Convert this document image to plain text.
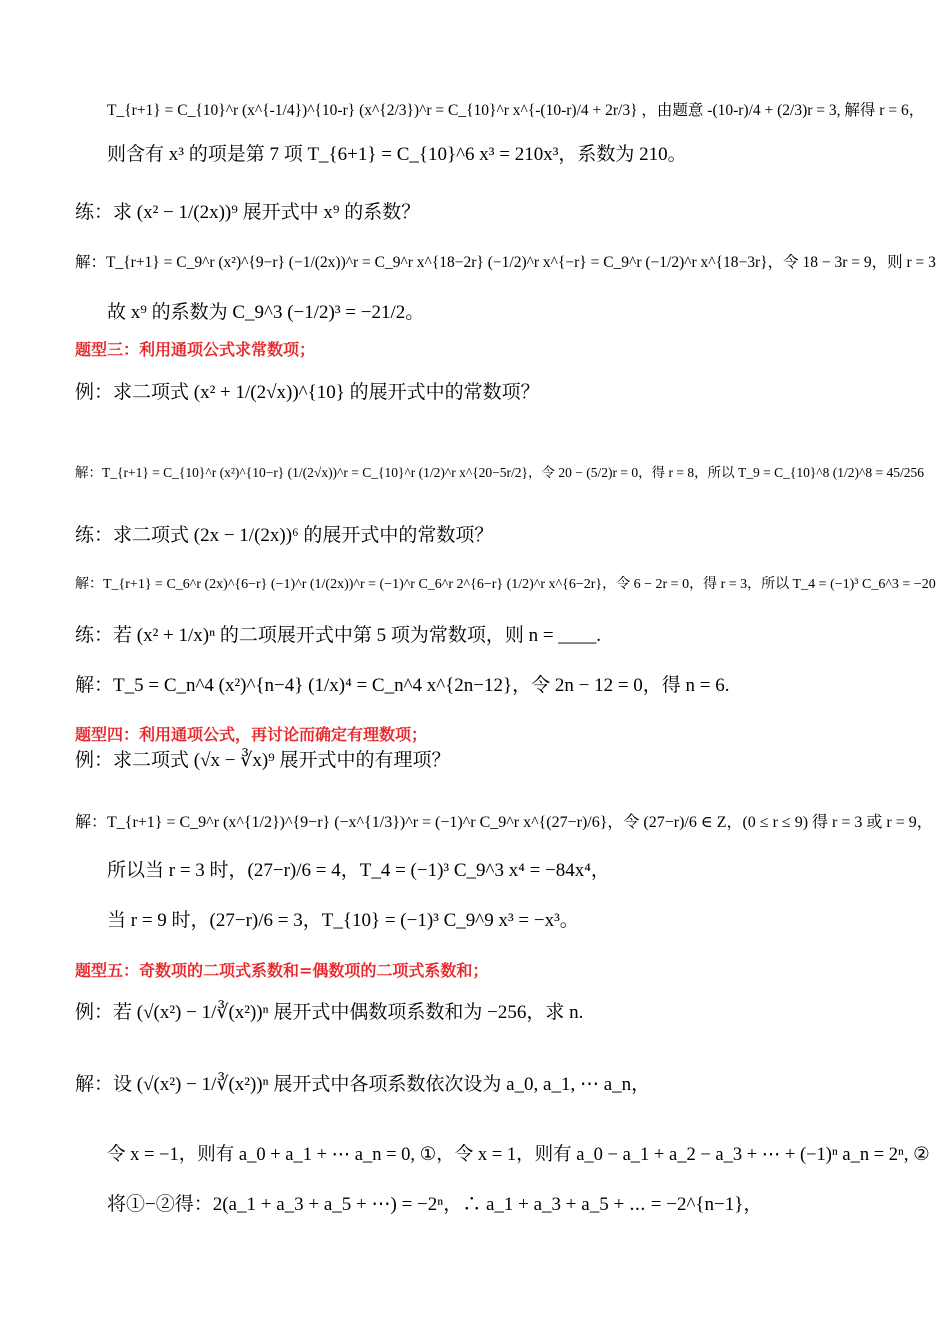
T_{r+1} = C_{10}^r (x^{-1/4})^{10-r} (x^{2/3})^r = C_{10}^r x^{-(10-r)/4 + 2r/3} ，由题意 -(10-r)/4 + (2/3)r = 3, 解得 r = 6，
则含有 x³ 的项是第 7 项 T_{6+1} = C_{10}^6 x³ = 210x³，系数为 210。
练：求 (x² − 1/(2x))⁹ 展开式中 x⁹ 的系数？
解：T_{r+1} = C_9^r (x²)^{9−r} (−1/(2x))^r = C_9^r x^{18−2r} (−1/2)^r x^{−r} = C_9^r (−1/2)^r x^{18−3r}，令 18 − 3r = 9，则 r = 3
故 x⁹ 的系数为 C_9^3 (−1/2)³ = −21/2。
题型三：利用通项公式求常数项；
例：求二项式 (x² + 1/(2√x))^{10} 的展开式中的常数项？
解：T_{r+1} = C_{10}^r (x²)^{10−r} (1/(2√x))^r = C_{10}^r (1/2)^r x^{20−5r/2}，令 20 − (5/2)r = 0，得 r = 8，所以 T_9 = C_{10}^8 (1/2)^8 = 45/256
练：求二项式 (2x − 1/(2x))⁶ 的展开式中的常数项？
解：T_{r+1} = C_6^r (2x)^{6−r} (−1)^r (1/(2x))^r = (−1)^r C_6^r 2^{6−r} (1/2)^r x^{6−2r}，令 6 − 2r = 0，得 r = 3，所以 T_4 = (−1)³ C_6^3 = −20
练：若 (x² + 1/x)ⁿ 的二项展开式中第 5 项为常数项，则 n = ____.
解：T_5 = C_n^4 (x²)^{n−4} (1/x)⁴ = C_n^4 x^{2n−12}，令 2n − 12 = 0，得 n = 6.
题型四：利用通项公式，再讨论而确定有理数项；
例：求二项式 (√x − ∛x)⁹ 展开式中的有理项？
解：T_{r+1} = C_9^r (x^{1/2})^{9−r} (−x^{1/3})^r = (−1)^r C_9^r x^{(27−r)/6}，令 (27−r)/6 ∈ Z，(0 ≤ r ≤ 9) 得 r = 3 或 r = 9，
所以当 r = 3 时，(27−r)/6 = 4，T_4 = (−1)³ C_9^3 x⁴ = −84x⁴，
当 r = 9 时，(27−r)/6 = 3，T_{10} = (−1)³ C_9^9 x³ = −x³。
题型五：奇数项的二项式系数和=偶数项的二项式系数和；
例：若 (√(x²) − 1/∛(x²))ⁿ 展开式中偶数项系数和为 −256，求 n.
解：设 (√(x²) − 1/∛(x²))ⁿ 展开式中各项系数依次设为 a_0, a_1, ⋯ a_n，
令 x = −1，则有 a_0 + a_1 + ⋯ a_n = 0, ①，令 x = 1，则有 a_0 − a_1 + a_2 − a_3 + ⋯ + (−1)ⁿ a_n = 2ⁿ, ②
将①−②得：2(a_1 + a_3 + a_5 + ⋯) = −2ⁿ，∴ a_1 + a_3 + a_5 + ⋯ = −2^{n−1}，
